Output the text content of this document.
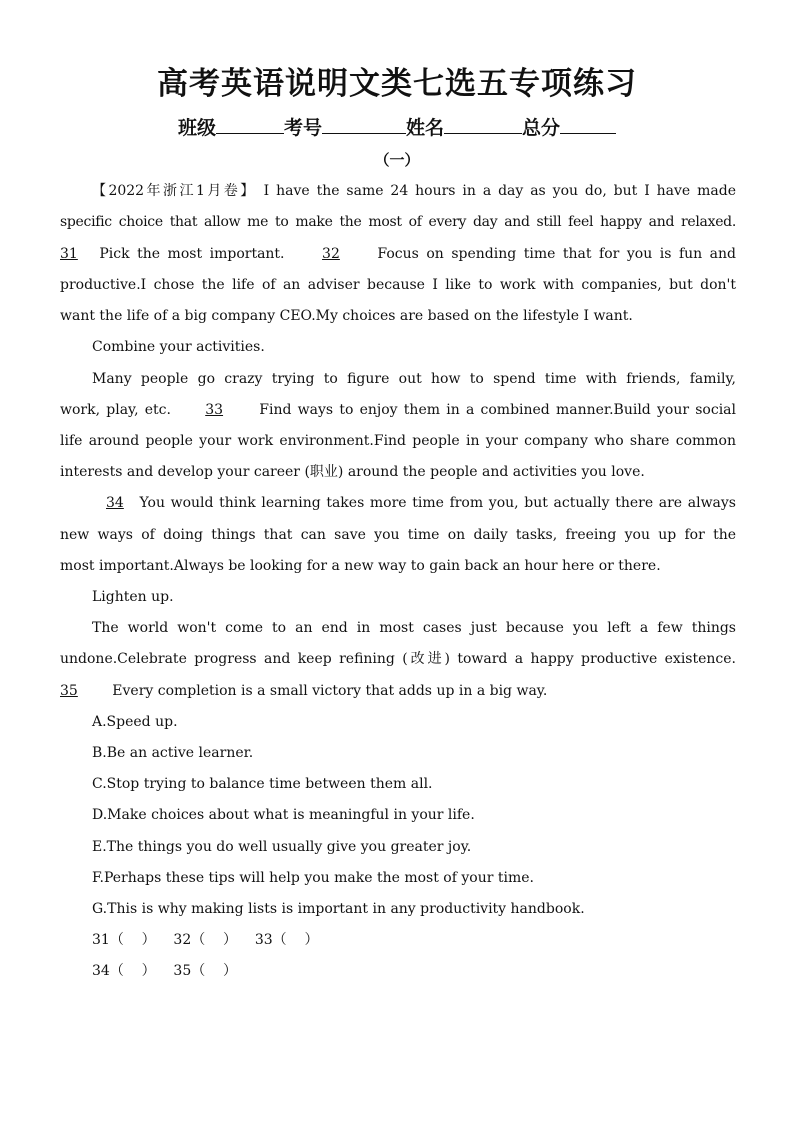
高考英语说明文类七选五专项练习
班级	考号	姓名	总分
（一）
【2022年浙江1月卷】 I have the same 24 hours in a day as you do, but I have made
specific choice that allow me to make the most of every day and still feel happy and relaxed.
31 Pick the most important.	32	Focus on spending time that for you is fun and
productive.I chose the life of an adviser because I like to work with companies, but don't
want the life of a big company CEO.My choices are based on the lifestyle I want.
Combine your activities.
Many people go crazy trying to figure out how to spend time with friends, family,
work, play, etc. 33	Find ways to enjoy them in a combined manner.Build your social
life around people your work environment.Find people in your company who share common
interests and develop your career (职业) around the people and activities you love.
34 You would think learning takes more time from you, but actually there are always
new ways of doing things that can save you time on daily tasks, freeing you up for the
most important.Always be looking for a new way to gain back an hour here or there.
Lighten up.
The world won't come to an end in most cases just because you left a few things
undone.Celebrate progress and keep refining (改进) toward a happy productive existence.
35 Every completion is a small victory that adds up in a big way.
A.Speed up.
B.Be an active learner.
C.Stop trying to balance time between them all.
D.Make choices about what is meaningful in your life.
E.The things you do well usually give you greater joy.
F.Perhaps these tips will help you make the most of your time.
G.This is why making lists is important in any productivity handbook.
31（    ）    32（    ）    33（    ）
34（    ）    35（    ）
